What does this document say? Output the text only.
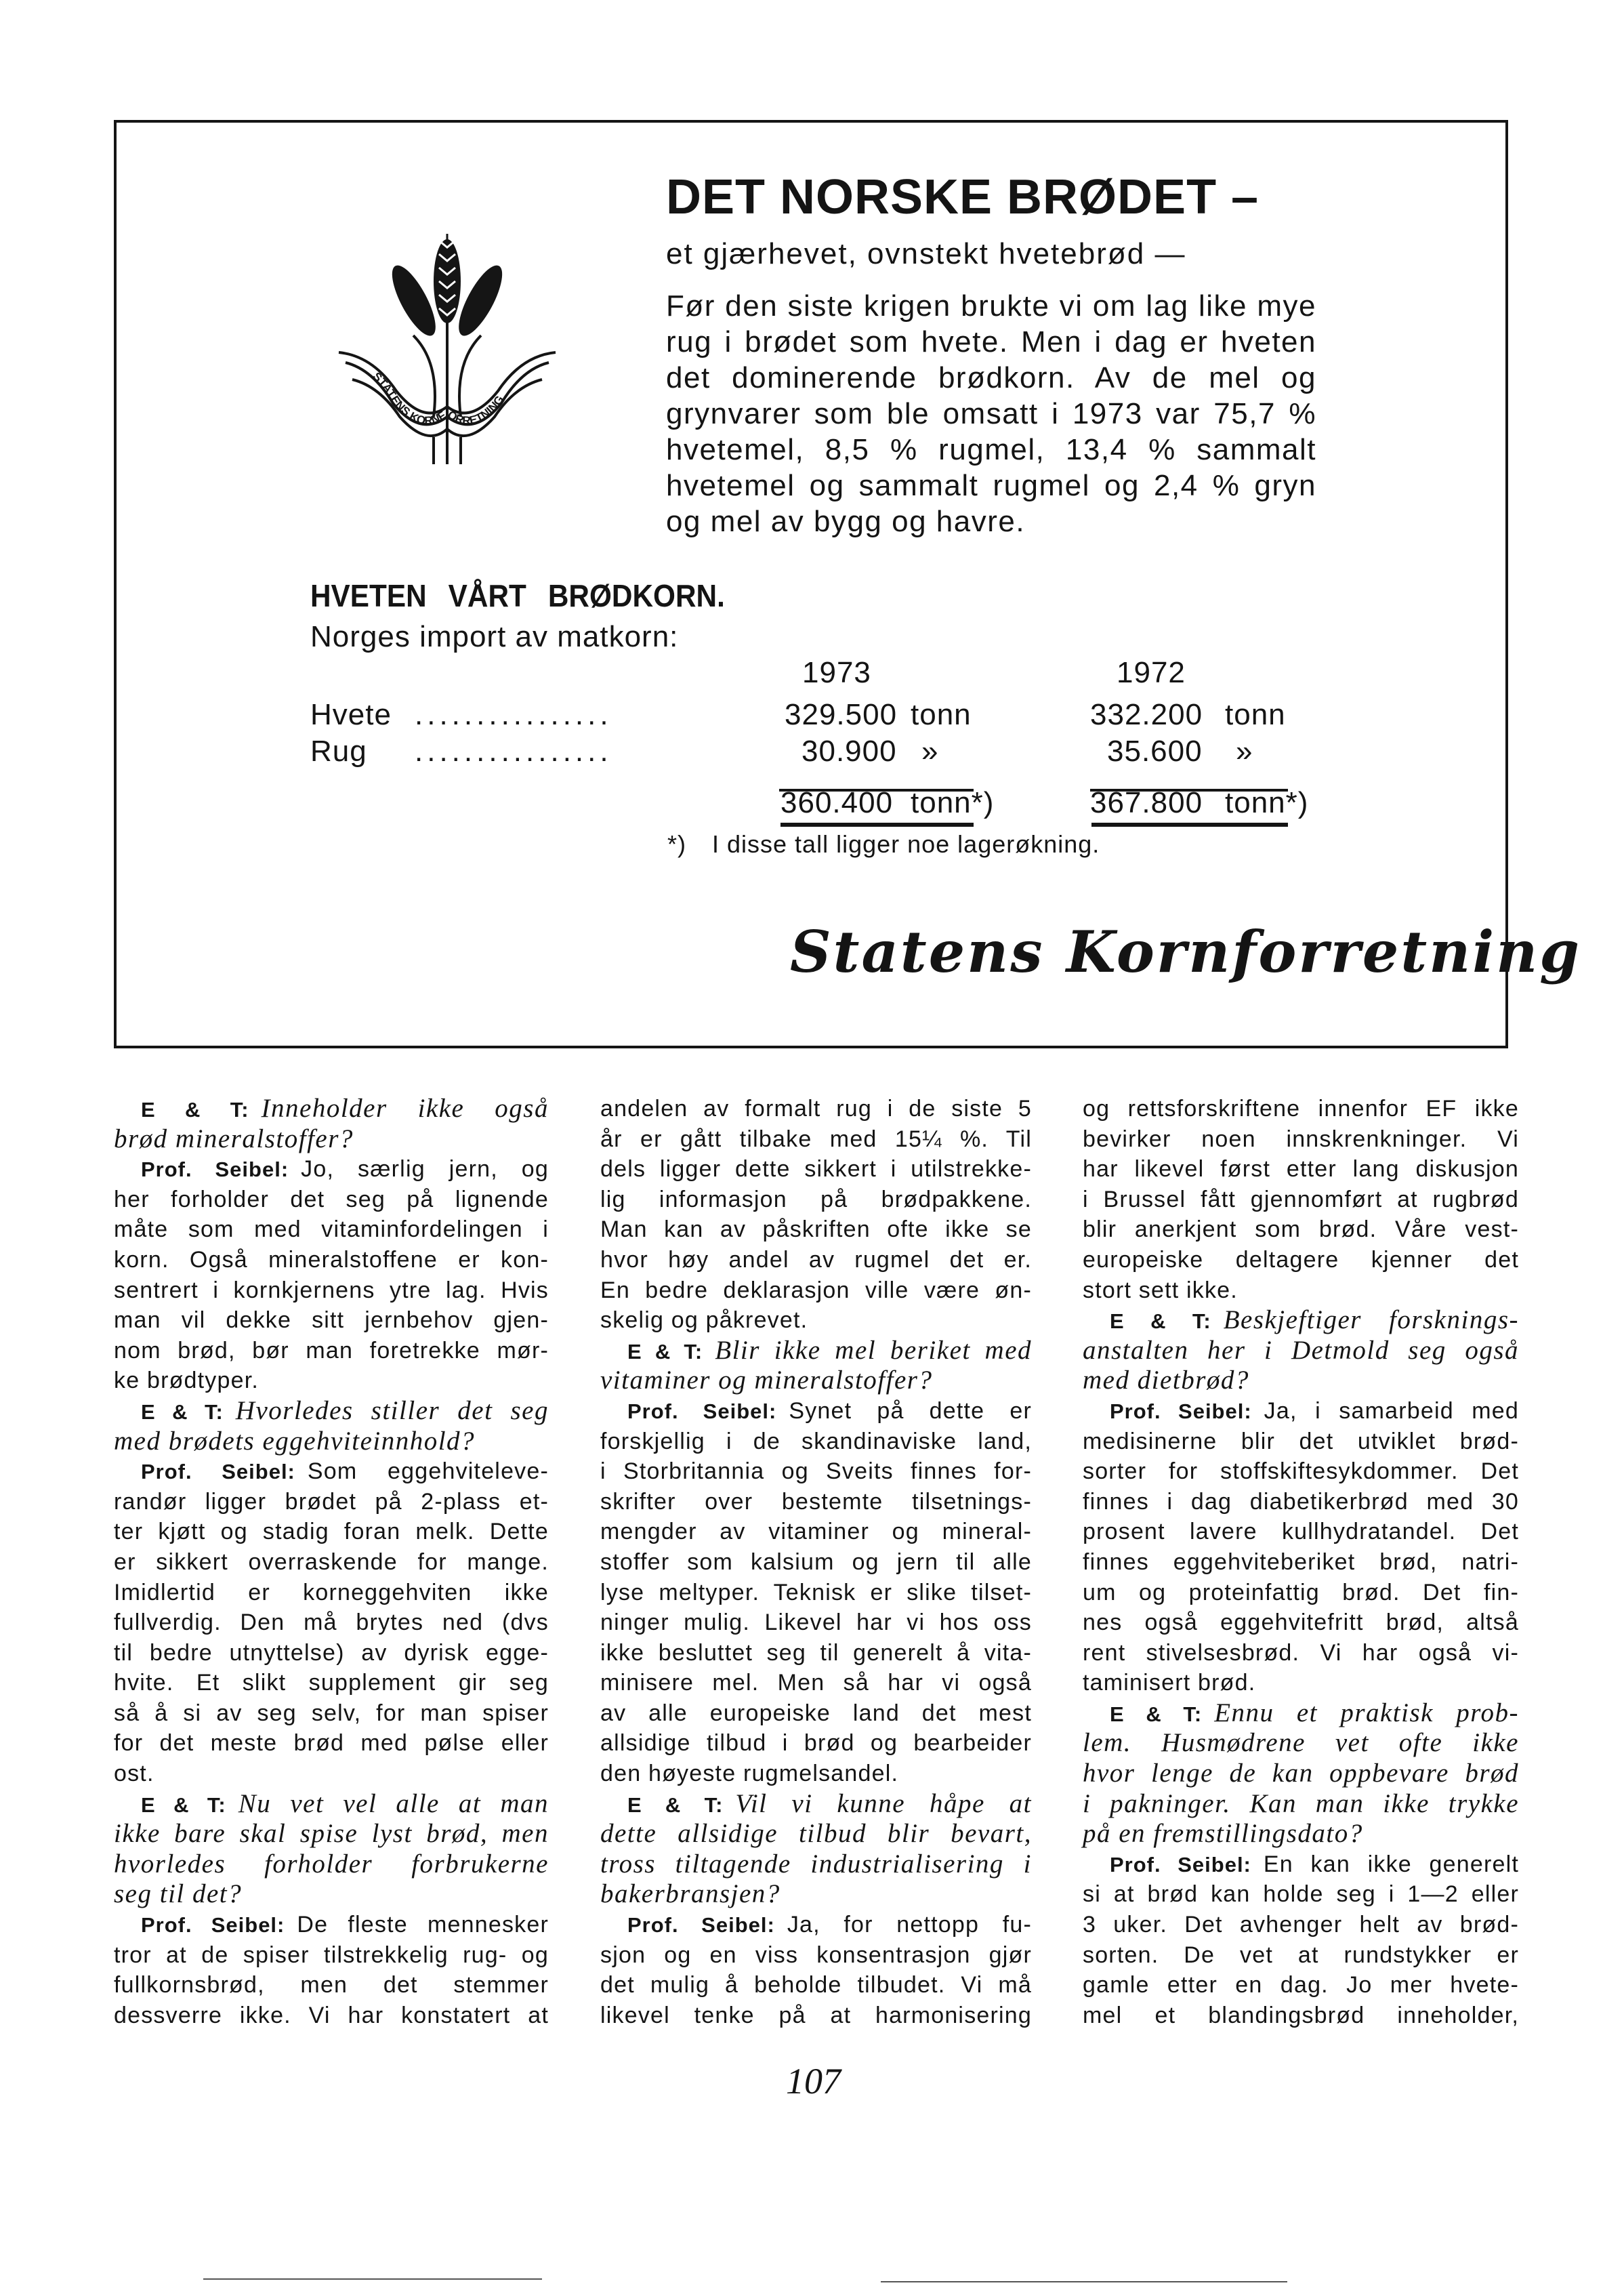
STATENS KORNFORRETNING
DET NORSKE BRØDET –
et gjærhevet, ovnstekt hvetebrød —
Før den siste krigen brukte vi om lag like mye
rug i brødet som hvete. Men i dag er hveten
det dominerende brødkorn. Av de mel og
grynvarer som ble omsatt i 1973 var 75,7 %
hvetemel, 8,5 % rugmel, 13,4 % sammalt
hvetemel og sammalt rugmel og 2,4 % gryn
og mel av bygg og havre.
HVETEN VÅRT BRØDKORN.
Norges import av matkorn:
1973	1972
Hvete ................	329.500 tonn	332.200 tonn
Rug ................	30.900 »	35.600 »
360.400 tonn*)	367.800 tonn*)
*) I disse tall ligger noe lagerøkning.
Statens Kornforretning
E & T: Inneholder ikke også
brød mineralstoffer?
Prof. Seibel: Jo, særlig jern, og
her forholder det seg på lignende
måte som med vitaminfordelingen i
korn. Også mineralstoffene er kon-
sentrert i kornkjernens ytre lag. Hvis
man vil dekke sitt jernbehov gjen-
nom brød, bør man foretrekke mør-
ke brødtyper.
E & T: Hvorledes stiller det seg
med brødets eggehviteinnhold?
Prof. Seibel: Som eggehviteleve-
randør ligger brødet på 2-plass et-
ter kjøtt og stadig foran melk. Dette
er sikkert overraskende for mange.
Imidlertid er korneggehviten ikke
fullverdig. Den må brytes ned (dvs
til bedre utnyttelse) av dyrisk egge-
hvite. Et slikt supplement gir seg
så å si av seg selv, for man spiser
for det meste brød med pølse eller
ost.
E & T: Nu vet vel alle at man
ikke bare skal spise lyst brød, men
hvorledes forholder forbrukerne
seg til det?
Prof. Seibel: De fleste mennesker
tror at de spiser tilstrekkelig rug- og
fullkornsbrød, men det stemmer
dessverre ikke. Vi har konstatert at
andelen av formalt rug i de siste 5
år er gått tilbake med 15¼ %. Til
dels ligger dette sikkert i utilstrekke-
lig informasjon på brødpakkene.
Man kan av påskriften ofte ikke se
hvor høy andel av rugmel det er.
En bedre deklarasjon ville være øn-
skelig og påkrevet.
E & T: Blir ikke mel beriket med
vitaminer og mineralstoffer?
Prof. Seibel: Synet på dette er
forskjellig i de skandinaviske land,
i Storbritannia og Sveits finnes for-
skrifter over bestemte tilsetnings-
mengder av vitaminer og mineral-
stoffer som kalsium og jern til alle
lyse meltyper. Teknisk er slike tilset-
ninger mulig. Likevel har vi hos oss
ikke besluttet seg til generelt å vita-
minisere mel. Men så har vi også
av alle europeiske land det mest
allsidige tilbud i brød og bearbeider
den høyeste rugmelsandel.
E & T: Vil vi kunne håpe at
dette allsidige tilbud blir bevart,
tross tiltagende industrialisering i
bakerbransjen?
Prof. Seibel: Ja, for nettopp fu-
sjon og en viss konsentrasjon gjør
det mulig å beholde tilbudet. Vi må
likevel tenke på at harmonisering
og rettsforskriftene innenfor EF ikke
bevirker noen innskrenkninger. Vi
har likevel først etter lang diskusjon
i Brussel fått gjennomført at rugbrød
blir anerkjent som brød. Våre vest-
europeiske deltagere kjenner det
stort sett ikke.
E & T: Beskjeftiger forsknings-
anstalten her i Detmold seg også
med dietbrød?
Prof. Seibel: Ja, i samarbeid med
medisinerne blir det utviklet brød-
sorter for stoffskiftesykdommer. Det
finnes i dag diabetikerbrød med 30
prosent lavere kullhydratandel. Det
finnes eggehviteberiket brød, natri-
um og proteinfattig brød. Det fin-
nes også eggehvitefritt brød, altså
rent stivelsesbrød. Vi har også vi-
taminisert brød.
E & T: Ennu et praktisk prob-
lem. Husmødrene vet ofte ikke
hvor lenge de kan oppbevare brød
i pakninger. Kan man ikke trykke
på en fremstillingsdato?
Prof. Seibel: En kan ikke generelt
si at brød kan holde seg i 1—2 eller
3 uker. Det avhenger helt av brød-
sorten. De vet at rundstykker er
gamle etter en dag. Jo mer hvete-
mel et blandingsbrød inneholder,
107
